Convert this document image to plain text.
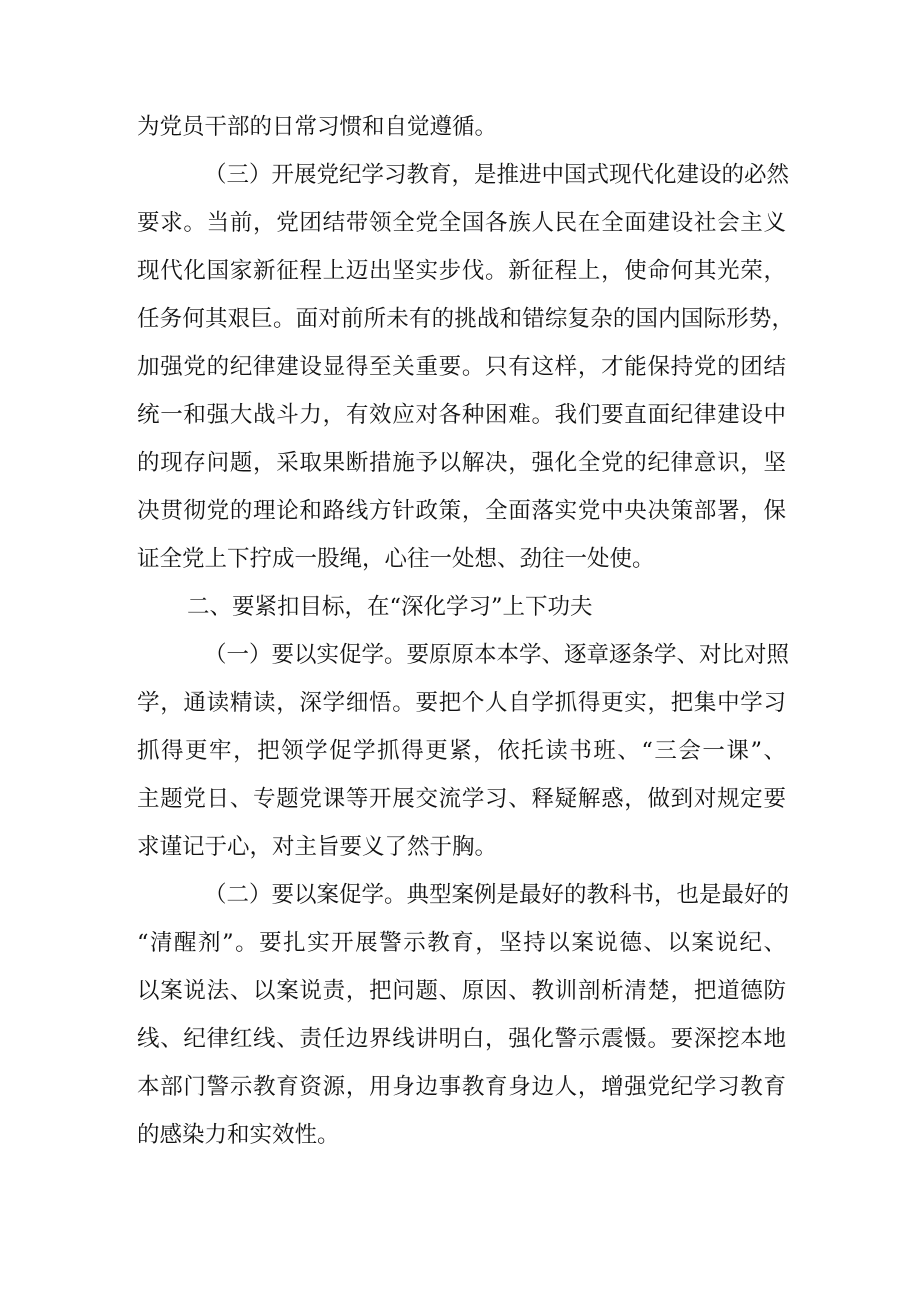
为党员干部的日常习惯和自觉遵循。
（三）开展党纪学习教育，是推进中国式现代化建设的必然
要求。当前，党团结带领全党全国各族人民在全面建设社会主义
现代化国家新征程上迈出坚实步伐。新征程上，使命何其光荣，
任务何其艰巨。面对前所未有的挑战和错综复杂的国内国际形势，
加强党的纪律建设显得至关重要。只有这样，才能保持党的团结
统一和强大战斗力，有效应对各种困难。我们要直面纪律建设中
的现存问题，采取果断措施予以解决，强化全党的纪律意识，坚
决贯彻党的理论和路线方针政策，全面落实党中央决策部署，保
证全党上下拧成一股绳，心往一处想、劲往一处使。
二、要紧扣目标，在“深化学习”上下功夫
（一）要以实促学。要原原本本学、逐章逐条学、对比对照
学，通读精读，深学细悟。要把个人自学抓得更实，把集中学习
抓得更牢，把领学促学抓得更紧，依托读书班、“三会一课”、
主题党日、专题党课等开展交流学习、释疑解惑，做到对规定要
求谨记于心，对主旨要义了然于胸。
（二）要以案促学。典型案例是最好的教科书，也是最好的
“清醒剂”。要扎实开展警示教育，坚持以案说德、以案说纪、
以案说法、以案说责，把问题、原因、教训剖析清楚，把道德防
线、纪律红线、责任边界线讲明白，强化警示震慑。要深挖本地
本部门警示教育资源，用身边事教育身边人，增强党纪学习教育
的感染力和实效性。
